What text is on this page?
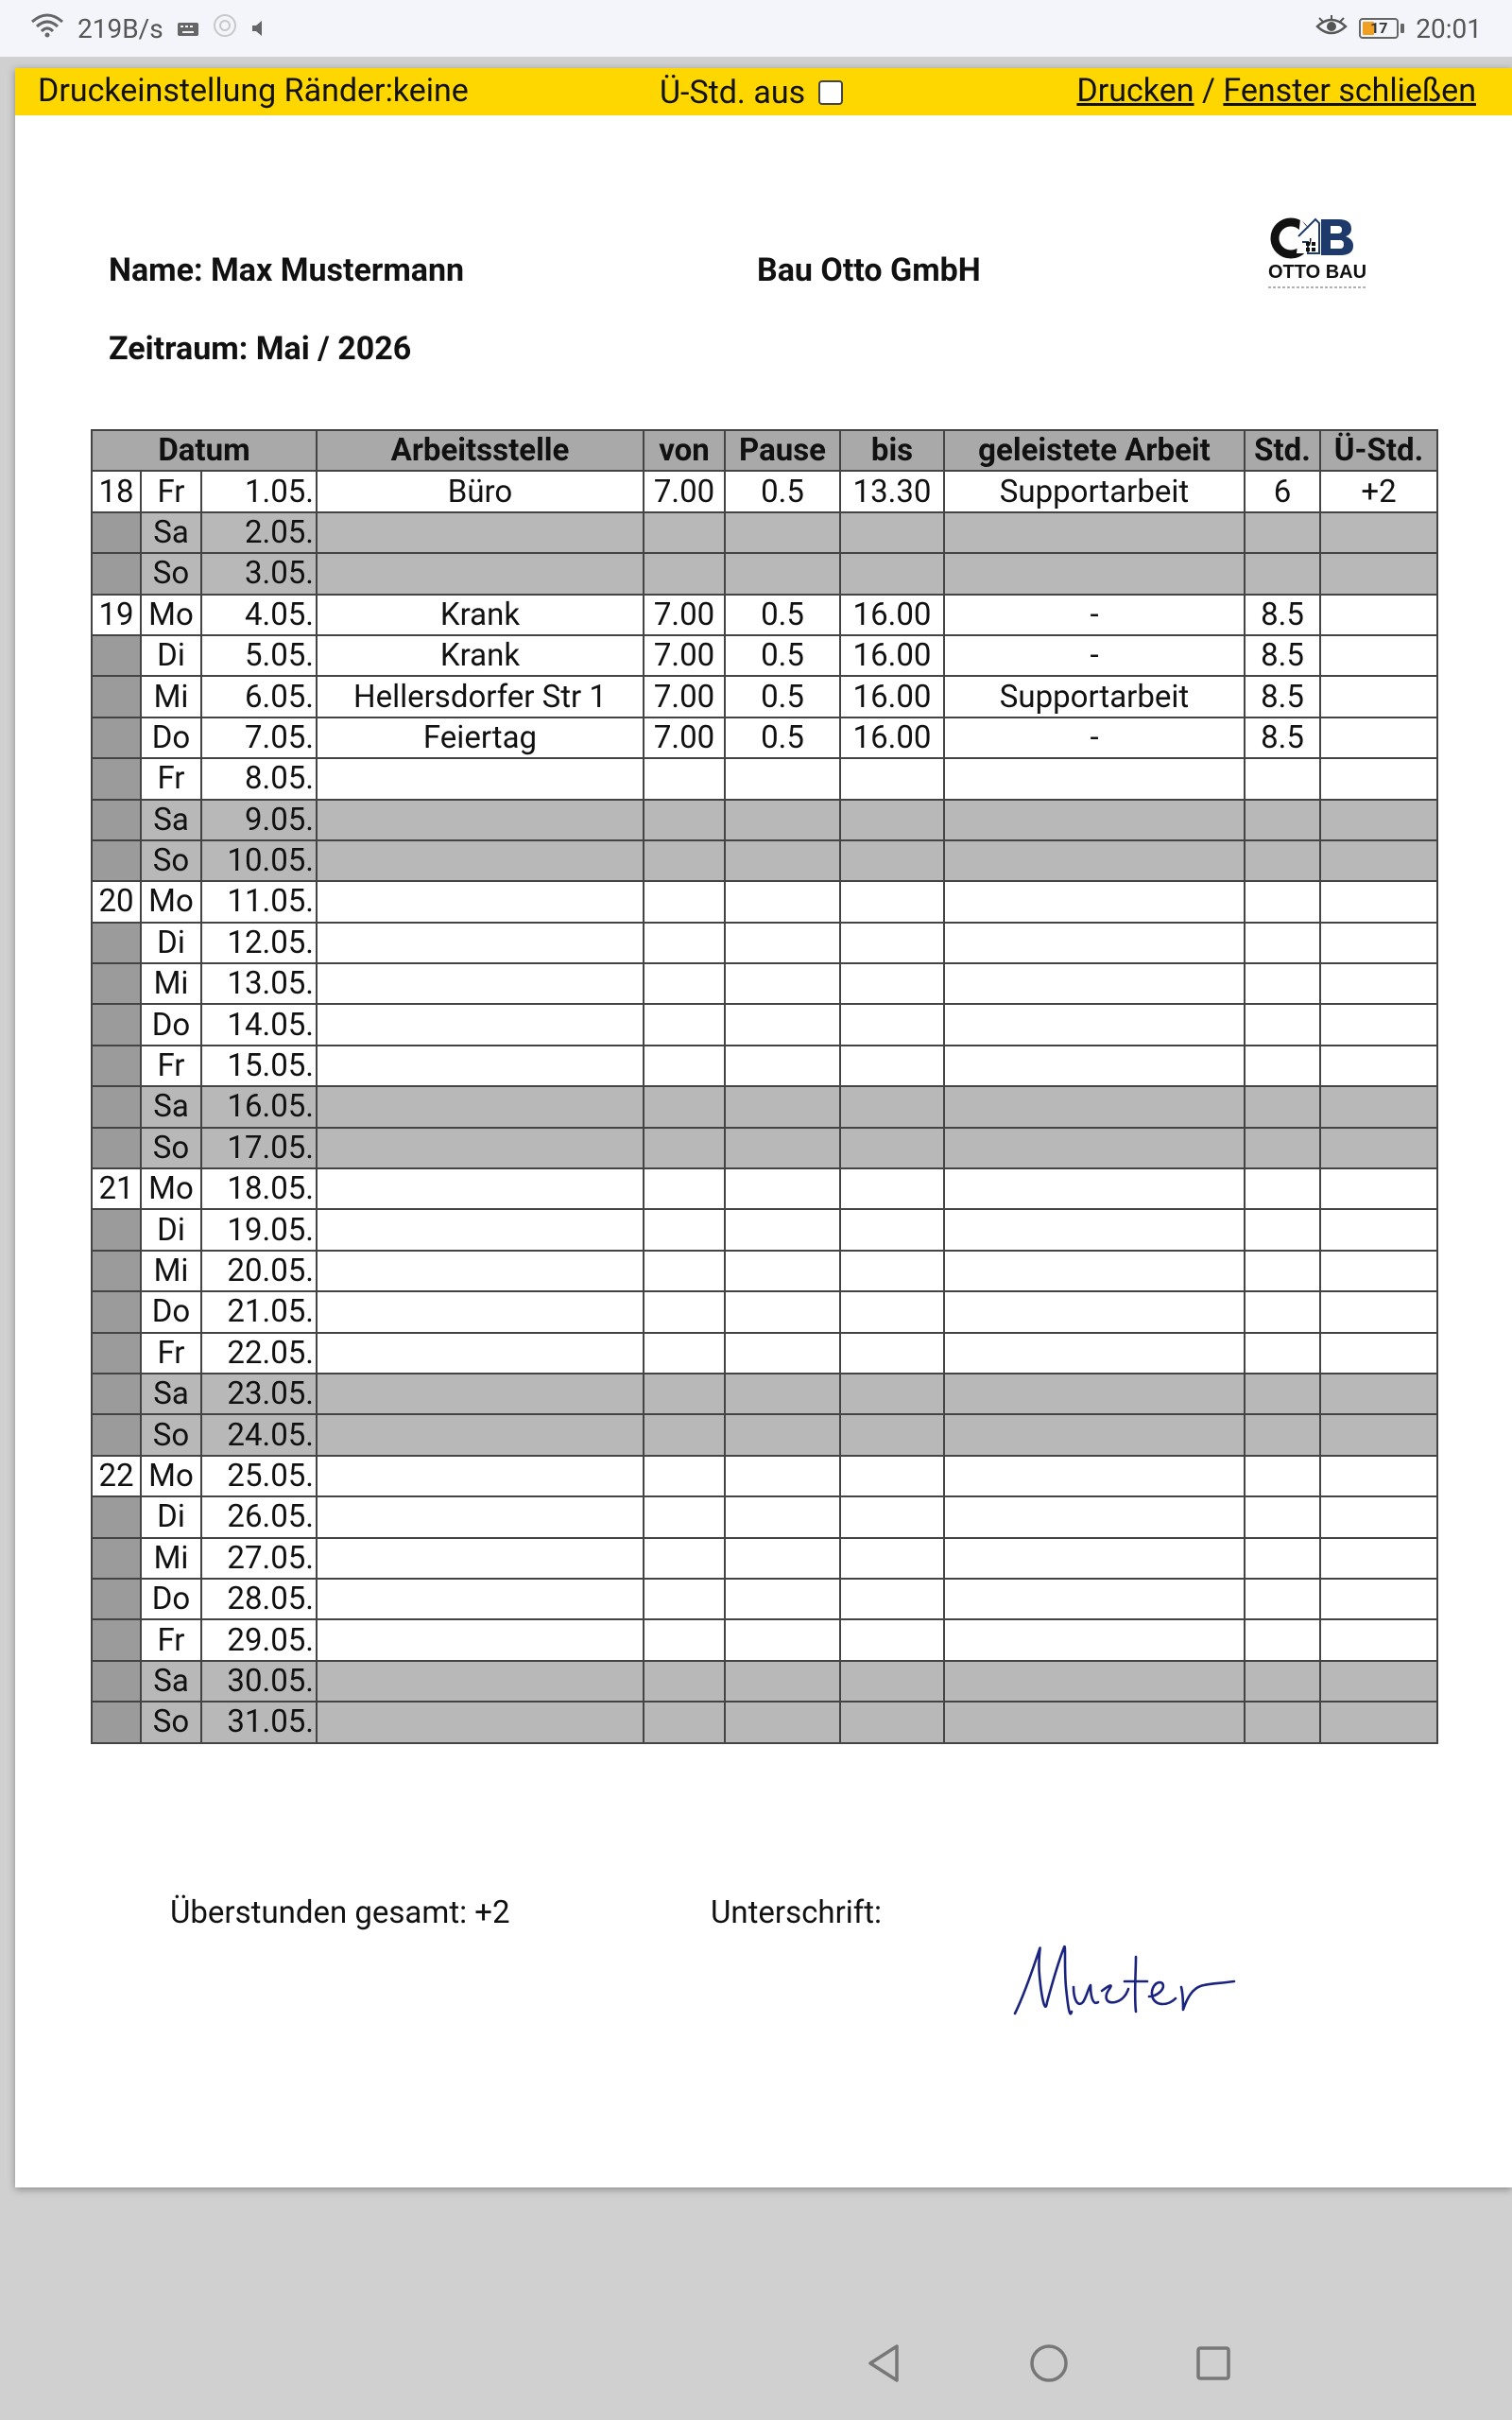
219B/s	17	20:01
Druckeinstellung Ränder:keine	Ü-Std. aus	Drucken / Fenster schließen
Name: Max Mustermann	Bau Otto GmbH
Zeitraum: Mai / 2026
OTTO BAU
Datum			Arbeitsstelle	von	Pause	bis	geleistete Arbeit	Std.	Ü-Std.
18	Fr	1.05.	Büro	7.00	0.5	13.30	Supportarbeit	6	+2
	Sa	2.05.							
	So	3.05.							
19	Mo	4.05.	Krank	7.00	0.5	16.00	-	8.5	
	Di	5.05.	Krank	7.00	0.5	16.00	-	8.5	
	Mi	6.05.	Hellersdorfer Str 1	7.00	0.5	16.00	Supportarbeit	8.5	
	Do	7.05.	Feiertag	7.00	0.5	16.00	-	8.5	
	Fr	8.05.							
	Sa	9.05.							
	So	10.05.							
20	Mo	11.05.							
	Di	12.05.							
	Mi	13.05.							
	Do	14.05.							
	Fr	15.05.							
	Sa	16.05.							
	So	17.05.							
21	Mo	18.05.							
	Di	19.05.							
	Mi	20.05.							
	Do	21.05.							
	Fr	22.05.							
	Sa	23.05.							
	So	24.05.							
22	Mo	25.05.							
	Di	26.05.							
	Mi	27.05.							
	Do	28.05.							
	Fr	29.05.							
	Sa	30.05.							
	So	31.05.							
Überstunden gesamt: +2	Unterschrift:
